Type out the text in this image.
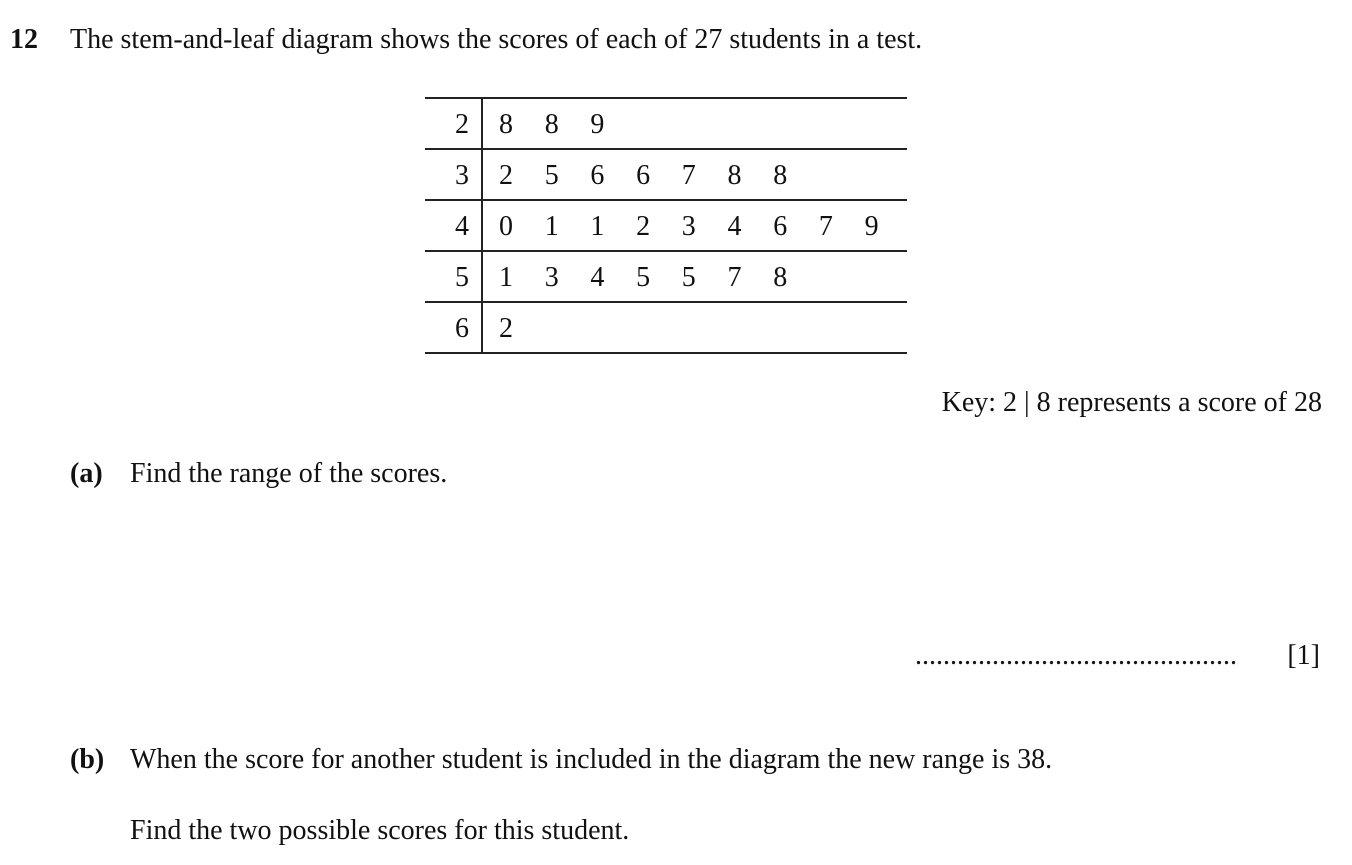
12 The stem-and-leaf diagram shows the scores of each of 27 students in a test.
2	8 8 9
3	2 5 6 6 7 8 8
4	0 1 1 2 3 4 6 7 9
5	1 3 4 5 5 7 8
6	2
Key: 2 | 8 represents a score of 28
(a) Find the range of the scores.
.............................................. [1]
(b) When the score for another student is included in the diagram the new range is 38.
Find the two possible scores for this student.
